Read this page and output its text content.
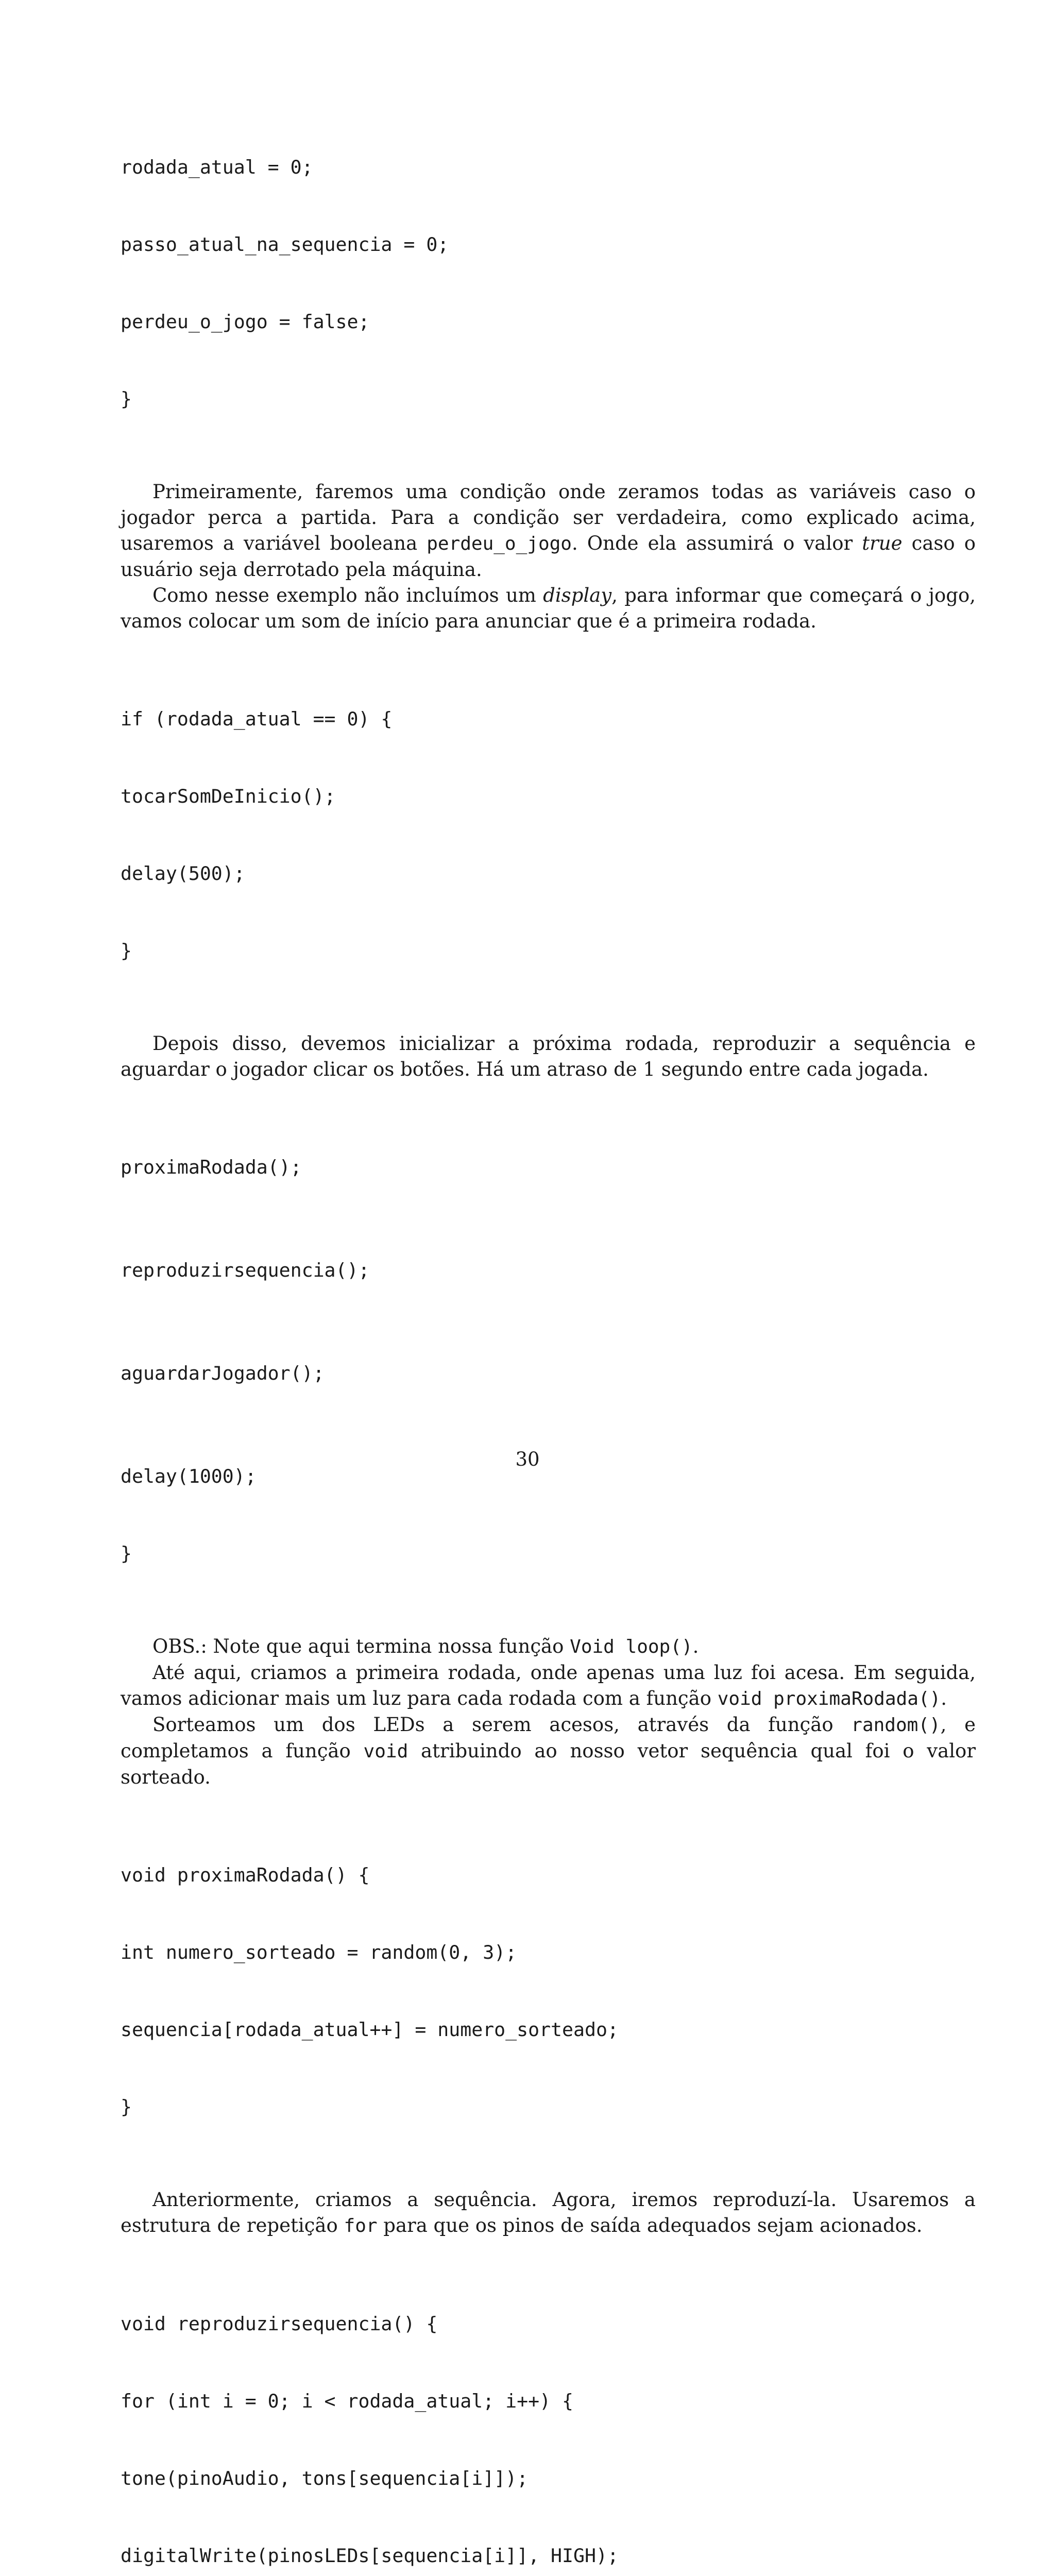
rodada_atual = 0;

passo_atual_na_sequencia = 0;

perdeu_o_jogo = false;

}

Primeiramente, faremos uma condição onde zeramos todas as variáveis caso o jogador perca a partida. Para a condição ser verdadeira, como explicado acima, usaremos a variável booleana perdeu_o_jogo. Onde ela assumirá o valor true caso o usuário seja derrotado pela máquina.

Como nesse exemplo não incluímos um display, para informar que começará o jogo, vamos colocar um som de início para anunciar que é a primeira rodada.

if (rodada_atual == 0) {

tocarSomDeInicio();

delay(500);

}

Depois disso, devemos inicializar a próxima rodada, reproduzir a sequência e aguardar o jogador clicar os botões. Há um atraso de 1 segundo entre cada jogada.

proximaRodada();

reproduzirsequencia();

aguardarJogador();

delay(1000);

}

OBS.: Note que aqui termina nossa função Void loop().

Até aqui, criamos a primeira rodada, onde apenas uma luz foi acesa. Em seguida, vamos adicionar mais um luz para cada rodada com a função void proximaRodada().

Sorteamos um dos LEDs a serem acesos, através da função random(), e completamos a função void atribuindo ao nosso vetor sequência qual foi o valor sorteado.

void proximaRodada() {

int numero_sorteado = random(0, 3);

sequencia[rodada_atual++] = numero_sorteado;

}

Anteriormente, criamos a sequência. Agora, iremos reproduzí-la. Usaremos a estrutura de repetição for para que os pinos de saída adequados sejam acionados.

void reproduzirsequencia() {

for (int i = 0; i < rodada_atual; i++) {

tone(pinoAudio, tons[sequencia[i]]);

digitalWrite(pinosLEDs[sequencia[i]], HIGH);

30
